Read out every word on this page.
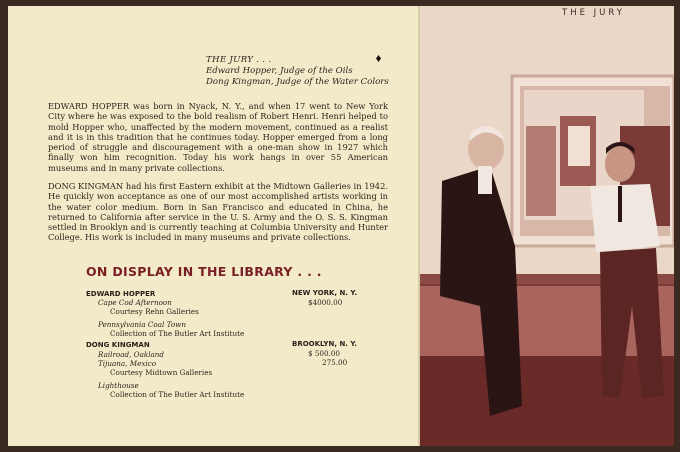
THE JURY . . .
Edward Hopper, Judge of the Oils
Dong Kingman, Judge of the Water Colors

EDWARD HOPPER was born in Nyack, N. Y., and when 17 went to New York City where he was exposed to the bold realism of Robert Henri. Henri helped to mold Hopper who, unaffected by the modern movement, continued as a realist and it is in this tradition that he continues today. Hopper emerged from a long period of struggle and discouragement with a one-man show in 1927 which finally won him recognition. Today his work hangs in over 55 American museums and in many private collections.

DONG KINGMAN had his first Eastern exhibit at the Midtown Galleries in 1942. He quickly won acceptance as one of our most accomplished artists working in the water color medium. Born in San Francisco and educated in China, he returned to California after service in the U. S. Army and the O. S. S. Kingman settled in Brooklyn and is currently teaching at Columbia University and Hunter College. His work is included in many museums and private collections.

ON DISPLAY IN THE LIBRARY . . .
EDWARD HOPPER	NEW YORK, N. Y.
Cape Cod Afternoon	$4000.00
Courtesy Rehn Galleries
Pennsylvania Coal Town
Collection of The Butler Art Institute
DONG KINGMAN	BROOKLYN, N. Y.
Railroad, Oakland	$ 500.00
Tijuana, Mexico	275.00
Courtesy Midtown Galleries
Lighthouse
Collection of The Butler Art Institute
THE JURY
